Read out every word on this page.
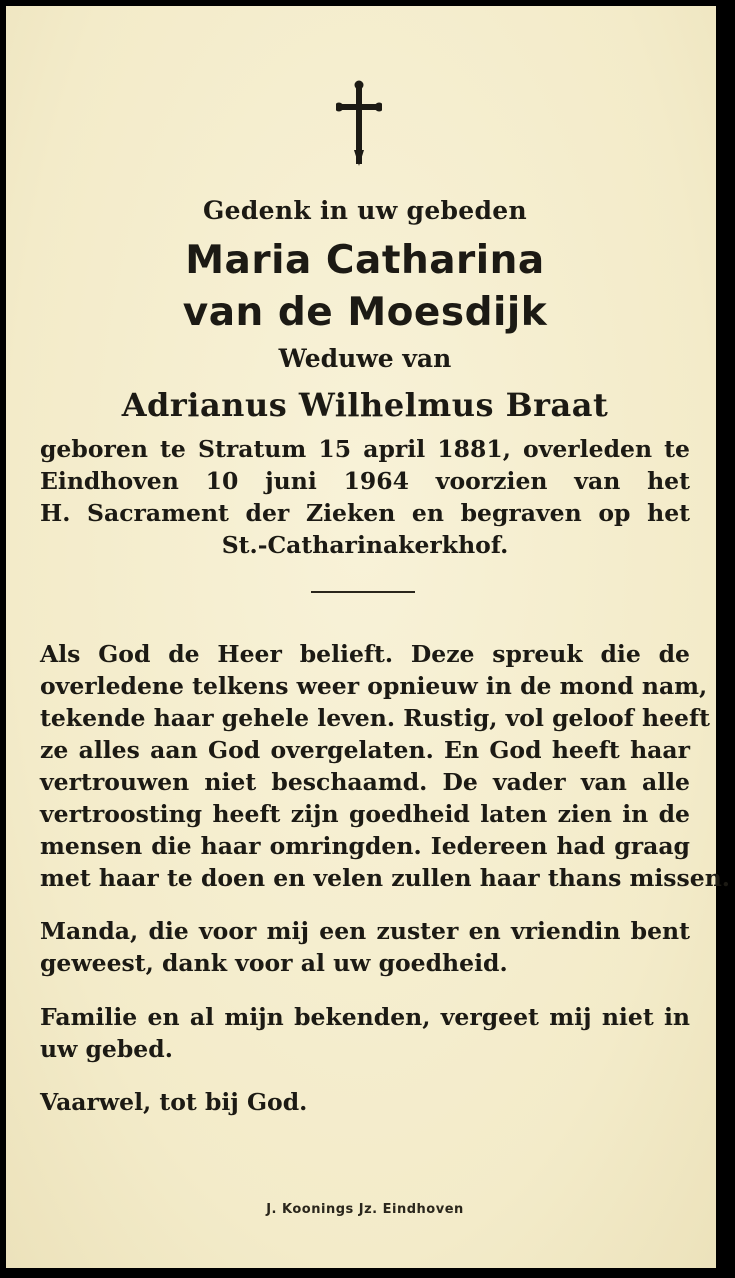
Gedenk in uw gebeden
Maria Catharina
van de Moesdijk
Weduwe van
Adrianus Wilhelmus Braat
geboren te Stratum 15 april 1881, overleden te
Eindhoven 10 juni 1964 voorzien van het
H. Sacrament der Zieken en begraven op het
St.-Catharinakerkhof.
Als God de Heer belieft. Deze spreuk die de
overledene telkens weer opnieuw in de mond nam,
tekende haar gehele leven. Rustig, vol geloof heeft
ze alles aan God overgelaten. En God heeft haar
vertrouwen niet beschaamd. De vader van alle
vertroosting heeft zijn goedheid laten zien in de
mensen die haar omringden. Iedereen had graag
met haar te doen en velen zullen haar thans missen.
Manda, die voor mij een zuster en vriendin bent
geweest, dank voor al uw goedheid.
Familie en al mijn bekenden, vergeet mij niet in
uw gebed.
Vaarwel, tot bij God.
J. Koonings Jz. Eindhoven
